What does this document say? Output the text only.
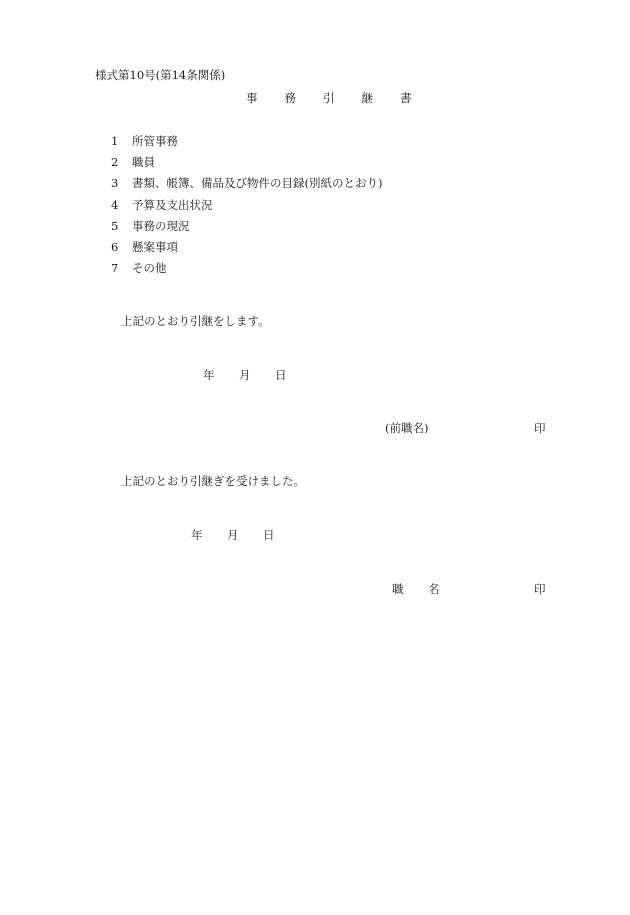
様式第10号(第14条関係)
事 務 引 継 書
1 所管事務
2 職員
3 書類、帳簿、備品及び物件の目録(別紙のとおり)
4 予算及支出状況
5 事務の現況
6 懸案事項
7 その他
上記のとおり引継をします。
年 月 日
(前職名)	印
上記のとおり引継ぎを受けました。
年 月 日
職 名	印
